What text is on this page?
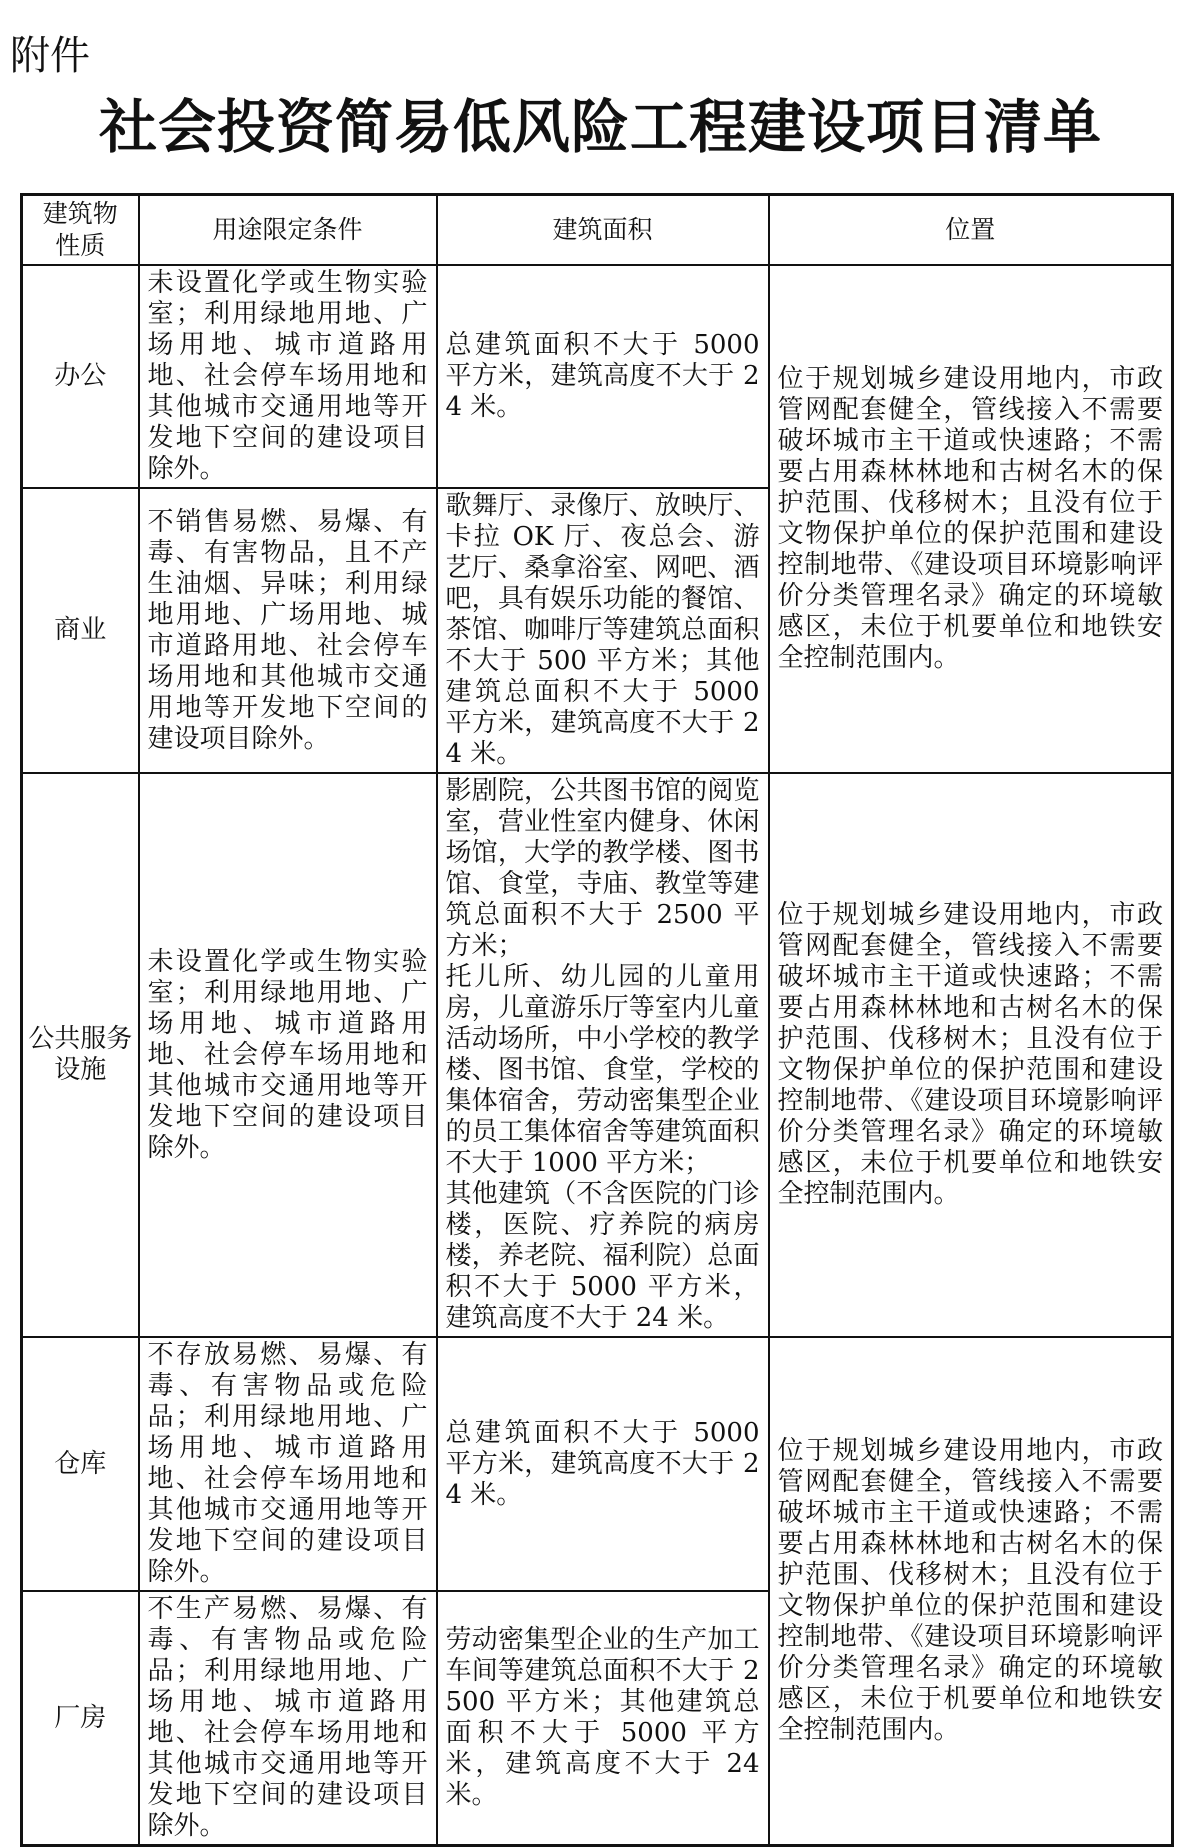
附件
社会投资简易低风险工程建设项目清单
建筑物
性质	用途限定条件	建筑面积	位置

办公	未设置化学或生物实验室；利用绿地用地、广场用地、城市道路用地、社会停车场用地和其他城市交通用地等开发地下空间的建设项目除外。	总建筑面积不大于 5000 平方米，建筑高度不大于 24 米。	位于规划城乡建设用地内，市政管网配套健全，管线接入不需要破坏城市主干道或快速路；不需要占用森林林地和古树名木的保护范围、伐移树木；且没有位于文物保护单位的保护范围和建设控制地带、《建设项目环境影响评价分类管理名录》确定的环境敏感区，未位于机要单位和地铁安全控制范围内。

商业	不销售易燃、易爆、有毒、有害物品，且不产生油烟、异味；利用绿地用地、广场用地、城市道路用地、社会停车场用地和其他城市交通用地等开发地下空间的建设项目除外。	歌舞厅、录像厅、放映厅、卡拉 OK 厅、夜总会、游艺厅、桑拿浴室、网吧、酒吧，具有娱乐功能的餐馆、茶馆、咖啡厅等建筑总面积不大于 500 平方米；其他建筑总面积不大于 5000 平方米，建筑高度不大于 24 米。	

公共服务
设施	未设置化学或生物实验室；利用绿地用地、广场用地、城市道路用地、社会停车场用地和其他城市交通用地等开发地下空间的建设项目除外。	影剧院，公共图书馆的阅览室，营业性室内健身、休闲场馆，大学的教学楼、图书馆、食堂，寺庙、教堂等建筑总面积不大于 2500 平方米；
托儿所、幼儿园的儿童用房，儿童游乐厅等室内儿童活动场所，中小学校的教学楼、图书馆、食堂，学校的集体宿舍，劳动密集型企业的员工集体宿舍等建筑面积不大于 1000 平方米；
其他建筑（不含医院的门诊楼，医院、疗养院的病房楼，养老院、福利院）总面积不大于 5000 平方米，建筑高度不大于 24 米。	位于规划城乡建设用地内，市政管网配套健全，管线接入不需要破坏城市主干道或快速路；不需要占用森林林地和古树名木的保护范围、伐移树木；且没有位于文物保护单位的保护范围和建设控制地带、《建设项目环境影响评价分类管理名录》确定的环境敏感区，未位于机要单位和地铁安全控制范围内。

仓库	不存放易燃、易爆、有毒、有害物品或危险品；利用绿地用地、广场用地、城市道路用地、社会停车场用地和其他城市交通用地等开发地下空间的建设项目除外。	总建筑面积不大于 5000 平方米，建筑高度不大于 24 米。	位于规划城乡建设用地内，市政管网配套健全，管线接入不需要破坏城市主干道或快速路；不需要占用森林林地和古树名木的保护范围、伐移树木；且没有位于文物保护单位的保护范围和建设控制地带、《建设项目环境影响评价分类管理名录》确定的环境敏感区，未位于机要单位和地铁安全控制范围内。

厂房	不生产易燃、易爆、有毒、有害物品或危险品；利用绿地用地、广场用地、城市道路用地、社会停车场用地和其他城市交通用地等开发地下空间的建设项目除外。	劳动密集型企业的生产加工车间等建筑总面积不大于 2500 平方米；其他建筑总面积不大于 5000 平方米，建筑高度不大于 24 米。	
